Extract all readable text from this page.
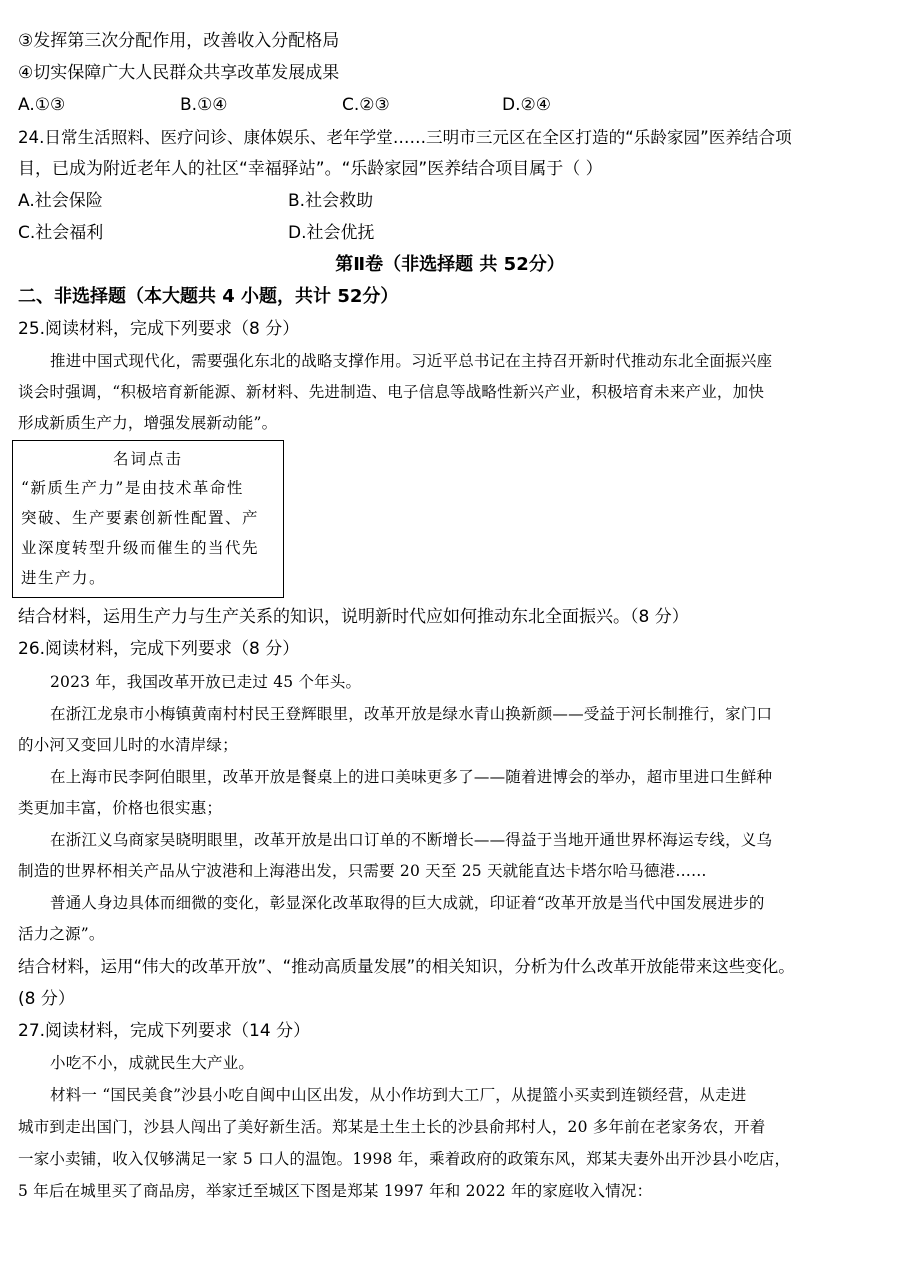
③发挥第三次分配作用，改善收入分配格局
④切实保障广大人民群众共享改革发展成果
A.①③	B.①④	C.②③	D.②④
24.日常生活照料、医疗问诊、康体娱乐、老年学堂……三明市三元区在全区打造的“乐龄家园”医养结合项
目，已成为附近老年人的社区“幸福驿站”。“乐龄家园”医养结合项目属于（ ）
A.社会保险	B.社会救助
C.社会福利	D.社会优抚
第Ⅱ卷（非选择题 共 52分）
二、非选择题（本大题共 4 小题，共计 52分）
25.阅读材料，完成下列要求（8 分）
推进中国式现代化，需要强化东北的战略支撑作用。习近平总书记在主持召开新时代推动东北全面振兴座
谈会时强调，“积极培育新能源、新材料、先进制造、电子信息等战略性新兴产业，积极培育未来产业，加快
形成新质生产力，增强发展新动能”。
名词点击
“新质生产力”是由技术革命性
突破、生产要素创新性配置、产
业深度转型升级而催生的当代先
进生产力。
结合材料，运用生产力与生产关系的知识，说明新时代应如何推动东北全面振兴。（8 分）
26.阅读材料，完成下列要求（8 分）
2023 年，我国改革开放已走过 45 个年头。
在浙江龙泉市小梅镇黄南村村民王登辉眼里，改革开放是绿水青山换新颜——受益于河长制推行，家门口
的小河又变回儿时的水清岸绿；
在上海市民李阿伯眼里，改革开放是餐桌上的进口美味更多了——随着进博会的举办，超市里进口生鲜种
类更加丰富，价格也很实惠；
在浙江义乌商家吴晓明眼里，改革开放是出口订单的不断增长——得益于当地开通世界杯海运专线，义乌
制造的世界杯相关产品从宁波港和上海港出发，只需要 20 天至 25 天就能直达卡塔尔哈马德港……
普通人身边具体而细微的变化，彰显深化改革取得的巨大成就，印证着“改革开放是当代中国发展进步的
活力之源”。
结合材料，运用“伟大的改革开放”、“推动高质量发展”的相关知识，分析为什么改革开放能带来这些变化。
(8 分）
27.阅读材料，完成下列要求（14 分）
小吃不小，成就民生大产业。
材料一 “国民美食”沙县小吃自闽中山区出发，从小作坊到大工厂，从提篮小买卖到连锁经营，从走进
城市到走出国门，沙县人闯出了美好新生活。郑某是土生土长的沙县俞邦村人，20 多年前在老家务农，开着
一家小卖铺，收入仅够满足一家 5 口人的温饱。1998 年，乘着政府的政策东风，郑某夫妻外出开沙县小吃店，
5 年后在城里买了商品房，举家迁至城区下图是郑某 1997 年和 2022 年的家庭收入情况：
